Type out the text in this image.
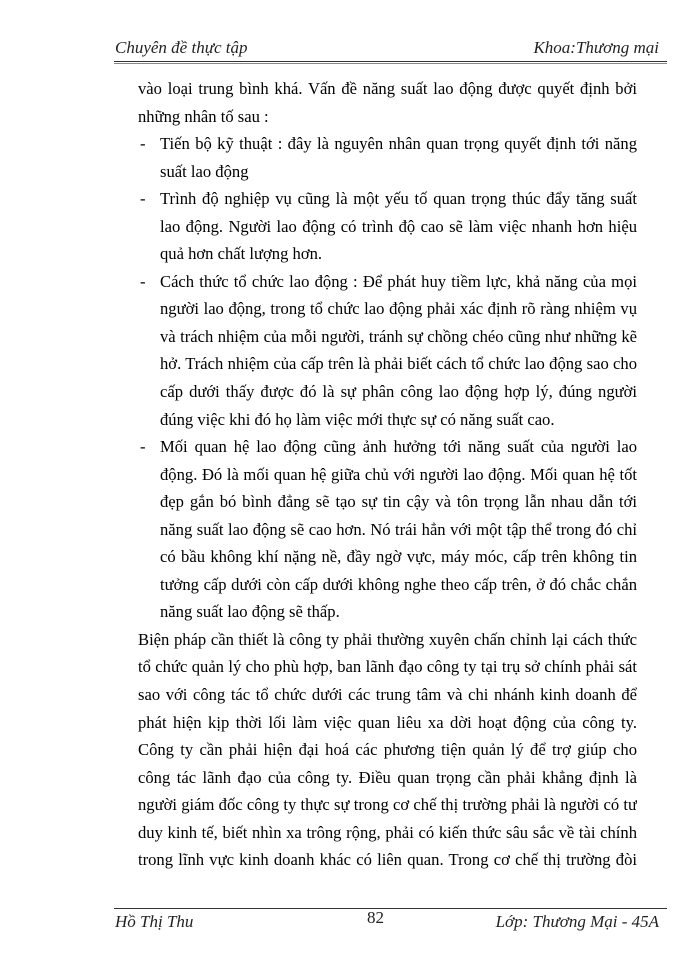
Chuyên đề thực tập	Khoa:Thương mại
vào loại trung bình khá. Vấn đề năng suất lao động được quyết định bởi
những nhân tố sau :
- Tiến bộ kỹ thuật : đây là nguyên nhân quan trọng quyết định tới năng
suất lao động
- Trình độ nghiệp vụ cũng là một yếu tố quan trọng thúc đẩy tăng suất
lao động. Người lao động có trình độ cao sẽ làm việc nhanh hơn hiệu
quả hơn chất lượng hơn.
- Cách thức tổ chức lao động : Để phát huy tiềm lực, khả năng của mọi
người lao động, trong tổ chức lao động phải xác định rõ ràng nhiệm vụ
và trách nhiệm của mỗi người, tránh sự chồng chéo cũng như những kẽ
hở. Trách nhiệm của cấp trên là phải biết cách tổ chức lao động sao cho
cấp dưới thấy được đó là sự phân công lao động hợp lý, đúng người
đúng việc khi đó họ làm việc mới thực sự có năng suất cao.
- Mối quan hệ lao động cũng ảnh hưởng tới năng suất của người lao
động. Đó là mối quan hệ giữa chủ với người lao động. Mối quan hệ tốt
đẹp gắn bó bình đẳng sẽ tạo sự tin cậy và tôn trọng lẫn nhau dẫn tới
năng suất lao động sẽ cao hơn. Nó trái hẳn với một tập thể trong đó chỉ
có bầu không khí nặng nề, đầy ngờ vực, máy móc, cấp trên không tin
tưởng cấp dưới còn cấp dưới không nghe theo cấp trên, ở đó chắc chắn
năng suất lao động sẽ thấp.
Biện pháp cần thiết là công ty phải thường xuyên chấn chỉnh lại cách thức
tổ chức quản lý cho phù hợp, ban lãnh đạo công ty tại trụ sở chính phải sát
sao với công tác tổ chức dưới các trung tâm và chi nhánh kinh doanh để
phát hiện kịp thời lối làm việc quan liêu xa dời hoạt động của công ty.
Công ty cần phải hiện đại hoá các phương tiện quản lý để trợ giúp cho
công tác lãnh đạo của công ty. Điều quan trọng cần phải khẳng định là
người giám đốc công ty thực sự trong cơ chế thị trường phải là người có tư
duy kinh tế, biết nhìn xa trông rộng, phải có kiến thức sâu sắc về tài chính
trong lĩnh vực kinh doanh khác có liên quan. Trong cơ chế thị trường đòi
Hồ Thị Thu	82	Lớp: Thương Mại - 45A
